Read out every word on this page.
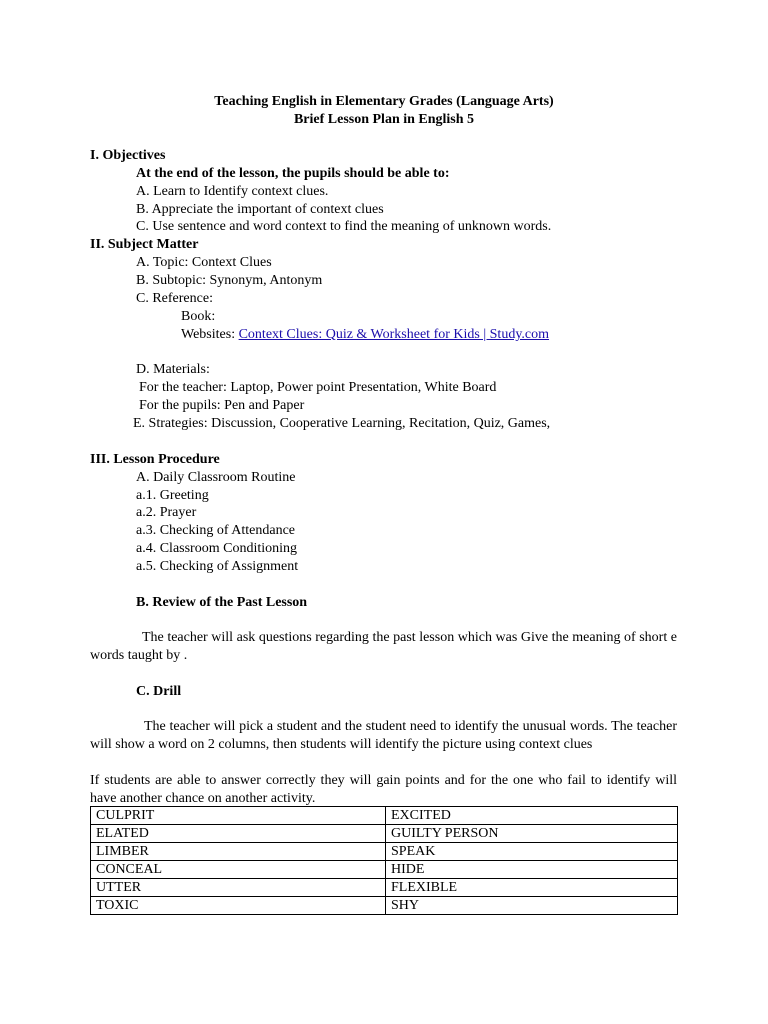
Teaching English in Elementary Grades (Language Arts)
Brief Lesson Plan in English 5
I. Objectives
At the end of the lesson, the pupils should be able to:
A. Learn to Identify context clues.
B. Appreciate the important of context clues
C. Use sentence and word context to find the meaning of unknown words.
II. Subject Matter
A. Topic: Context Clues
B. Subtopic: Synonym, Antonym
C. Reference:
Book:
Websites: Context Clues: Quiz & Worksheet for Kids | Study.com
D. Materials:
For the teacher: Laptop, Power point Presentation, White Board
For the pupils: Pen and Paper
E. Strategies: Discussion, Cooperative Learning, Recitation, Quiz, Games,
III. Lesson Procedure
A. Daily Classroom Routine
a.1. Greeting
a.2. Prayer
a.3. Checking of Attendance
a.4. Classroom Conditioning
a.5. Checking of Assignment
B. Review of the Past Lesson
The teacher will ask questions regarding the past lesson which was Give the meaning of short e words taught by .
C. Drill
The teacher will pick a student and the student need to identify the unusual words. The teacher will show a word on 2 columns, then students will identify the picture using context clues
If students are able to answer correctly they will gain points and for the one who fail to identify will have another chance on another activity.
CULPRIT	EXCITED
ELATED	GUILTY PERSON
LIMBER	SPEAK
CONCEAL	HIDE
UTTER	FLEXIBLE
TOXIC	SHY
